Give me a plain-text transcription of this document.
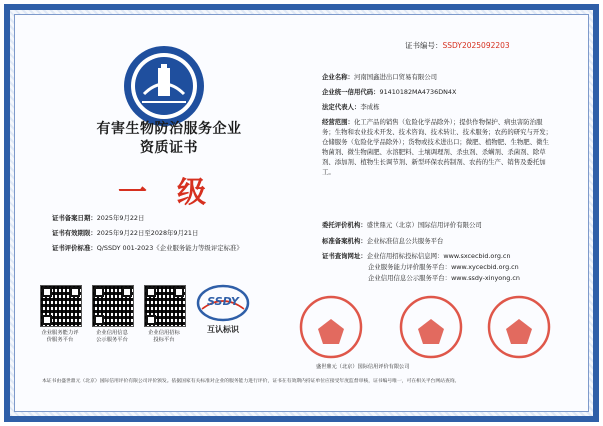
证书编号：SSDY2025092203
有害生物防治服务企业
资质证书
一 级
证书备案日期：2025年9月22日
证书有效期限：2025年9月22日至2028年9月21日
证书评价标准：Q/SSDY 001-2023《企业服务能力等级评定标准》
企业名称：河南国鑫进出口贸易有限公司
企业统一信用代码：91410182MA4736DN4X
法定代表人：李成栋
经营范围：化工产品的销售（危险化学品除外）；提供作物保护、病虫害防治服务；生物和农业技术开发、技术咨询、技术转让、技术服务；农药的研究与开发；仓储服务（危险化学品除外）；货物或技术进出口；微肥、植物肥、生物肥、微生物菌剂、微生物菌肥、水溶肥料、土壤调理剂、杀虫剂、杀螨剂、杀菌剂、除草剂、添加剂、植物生长调节剂、新型环保农药制剂、农药的生产、销售及委托加工。
委托评价机构：盛世鼎元（北京）国际信用评价有限公司
标准备案机构：企业标准信息公共服务平台
证书查询网址：企业信用招标投标信息网：www.sxcecbid.org.cn
企业服务能力评价服务平台：www.xycecbid.org.cn
企业信用信息公示服务平台：www.ssdy-xinyong.cn
企业服务能力评
价服务平台
企业信用信息
公示服务平台
企业信用招标
投标平台
SSDY
互认标识
盛世鼎元（北京）国际信用评价有限公司
本证书由盛世鼎元（北京）国际信用评价有限公司评价颁发。依据国家有关标准对企业的服务能力进行评价，证书在有效期内持证单位应接受年度监督审核，证书编号唯一，可在相关平台网站查询。
